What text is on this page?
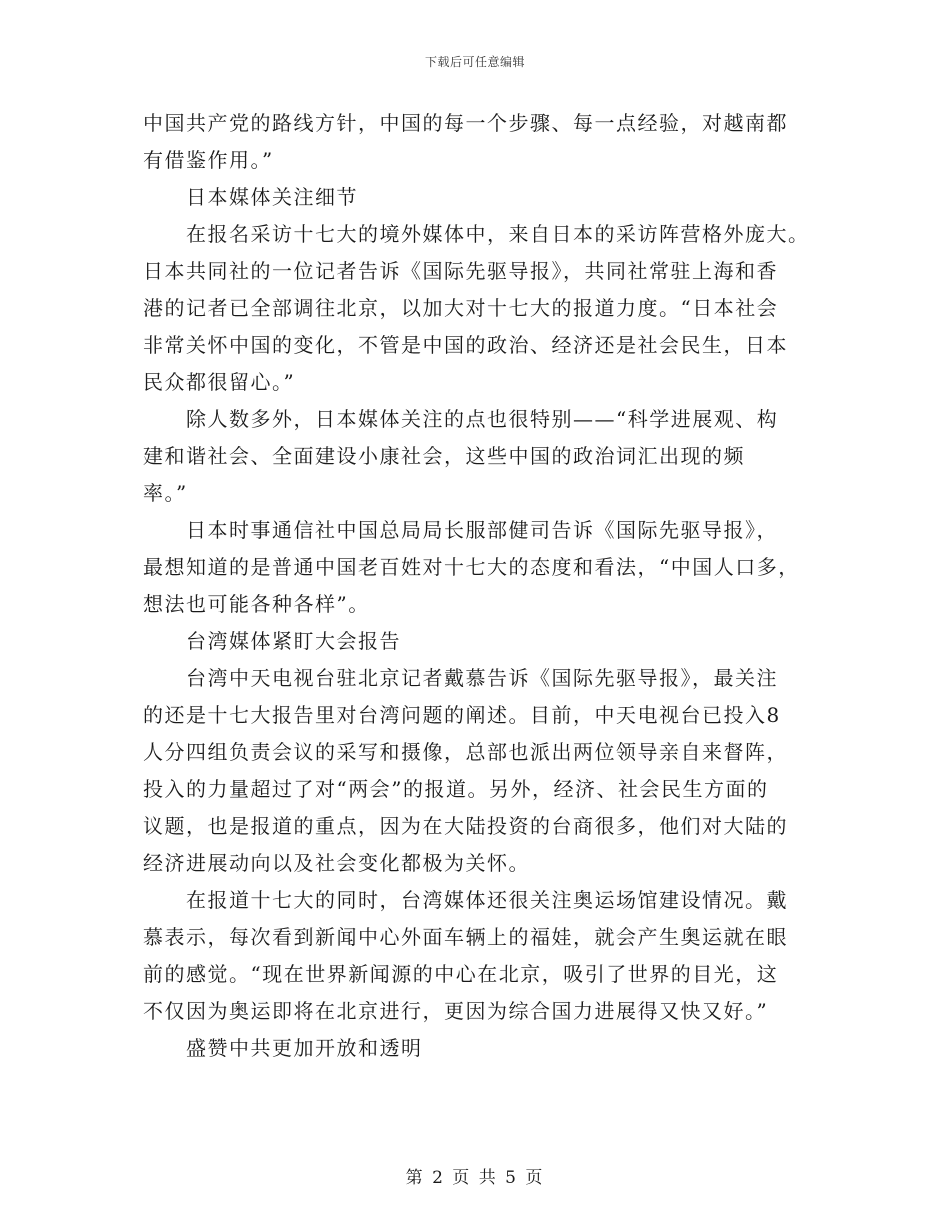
下载后可任意编辑
中国共产党的路线方针，中国的每一个步骤、每一点经验，对越南都
有借鉴作用。”
日本媒体关注细节
在报名采访十七大的境外媒体中，来自日本的采访阵营格外庞大。
日本共同社的一位记者告诉《国际先驱导报》，共同社常驻上海和香
港的记者已全部调往北京，以加大对十七大的报道力度。“日本社会
非常关怀中国的变化，不管是中国的政治、经济还是社会民生，日本
民众都很留心。”
除人数多外，日本媒体关注的点也很特别——“科学进展观、构
建和谐社会、全面建设小康社会，这些中国的政治词汇出现的频
率。”
日本时事通信社中国总局局长服部健司告诉《国际先驱导报》，
最想知道的是普通中国老百姓对十七大的态度和看法，“中国人口多，
想法也可能各种各样”。
台湾媒体紧盯大会报告
台湾中天电视台驻北京记者戴慕告诉《国际先驱导报》，最关注
的还是十七大报告里对台湾问题的阐述。目前，中天电视台已投入8
人分四组负责会议的采写和摄像，总部也派出两位领导亲自来督阵，
投入的力量超过了对“两会”的报道。另外，经济、社会民生方面的
议题，也是报道的重点，因为在大陆投资的台商很多，他们对大陆的
经济进展动向以及社会变化都极为关怀。
在报道十七大的同时，台湾媒体还很关注奥运场馆建设情况。戴
慕表示，每次看到新闻中心外面车辆上的福娃，就会产生奥运就在眼
前的感觉。“现在世界新闻源的中心在北京，吸引了世界的目光，这
不仅因为奥运即将在北京进行，更因为综合国力进展得又快又好。”
盛赞中共更加开放和透明
第 2 页 共 5 页
